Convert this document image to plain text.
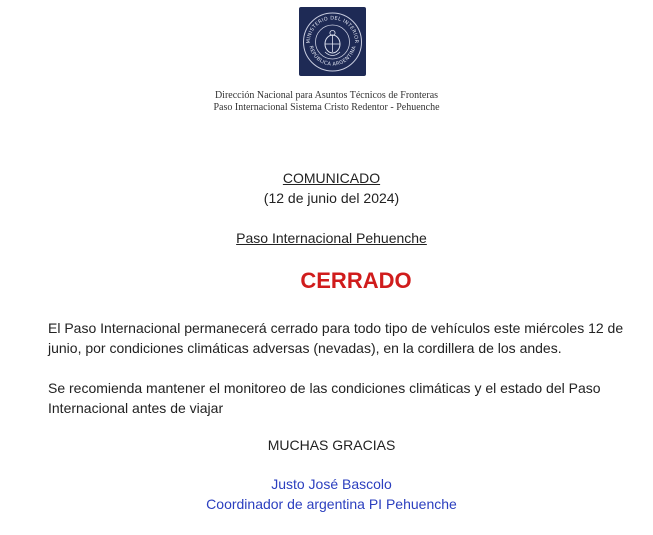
MINISTERIO DEL INTERIOR
REPÚBLICA ARGENTINA
Dirección Nacional para Asuntos Técnicos de Fronteras
Paso Internacional Sistema Cristo Redentor - Pehuenche
COMUNICADO
(12 de junio del 2024)
Paso Internacional Pehuenche
CERRADO
El Paso Internacional permanecerá cerrado para todo tipo de vehículos este miércoles 12 de junio, por condiciones climáticas adversas (nevadas), en la cordillera de los andes.
Se recomienda mantener el monitoreo de las condiciones climáticas y el estado del Paso Internacional antes de viajar
MUCHAS GRACIAS
Justo José Bascolo
Coordinador de argentina PI Pehuenche
